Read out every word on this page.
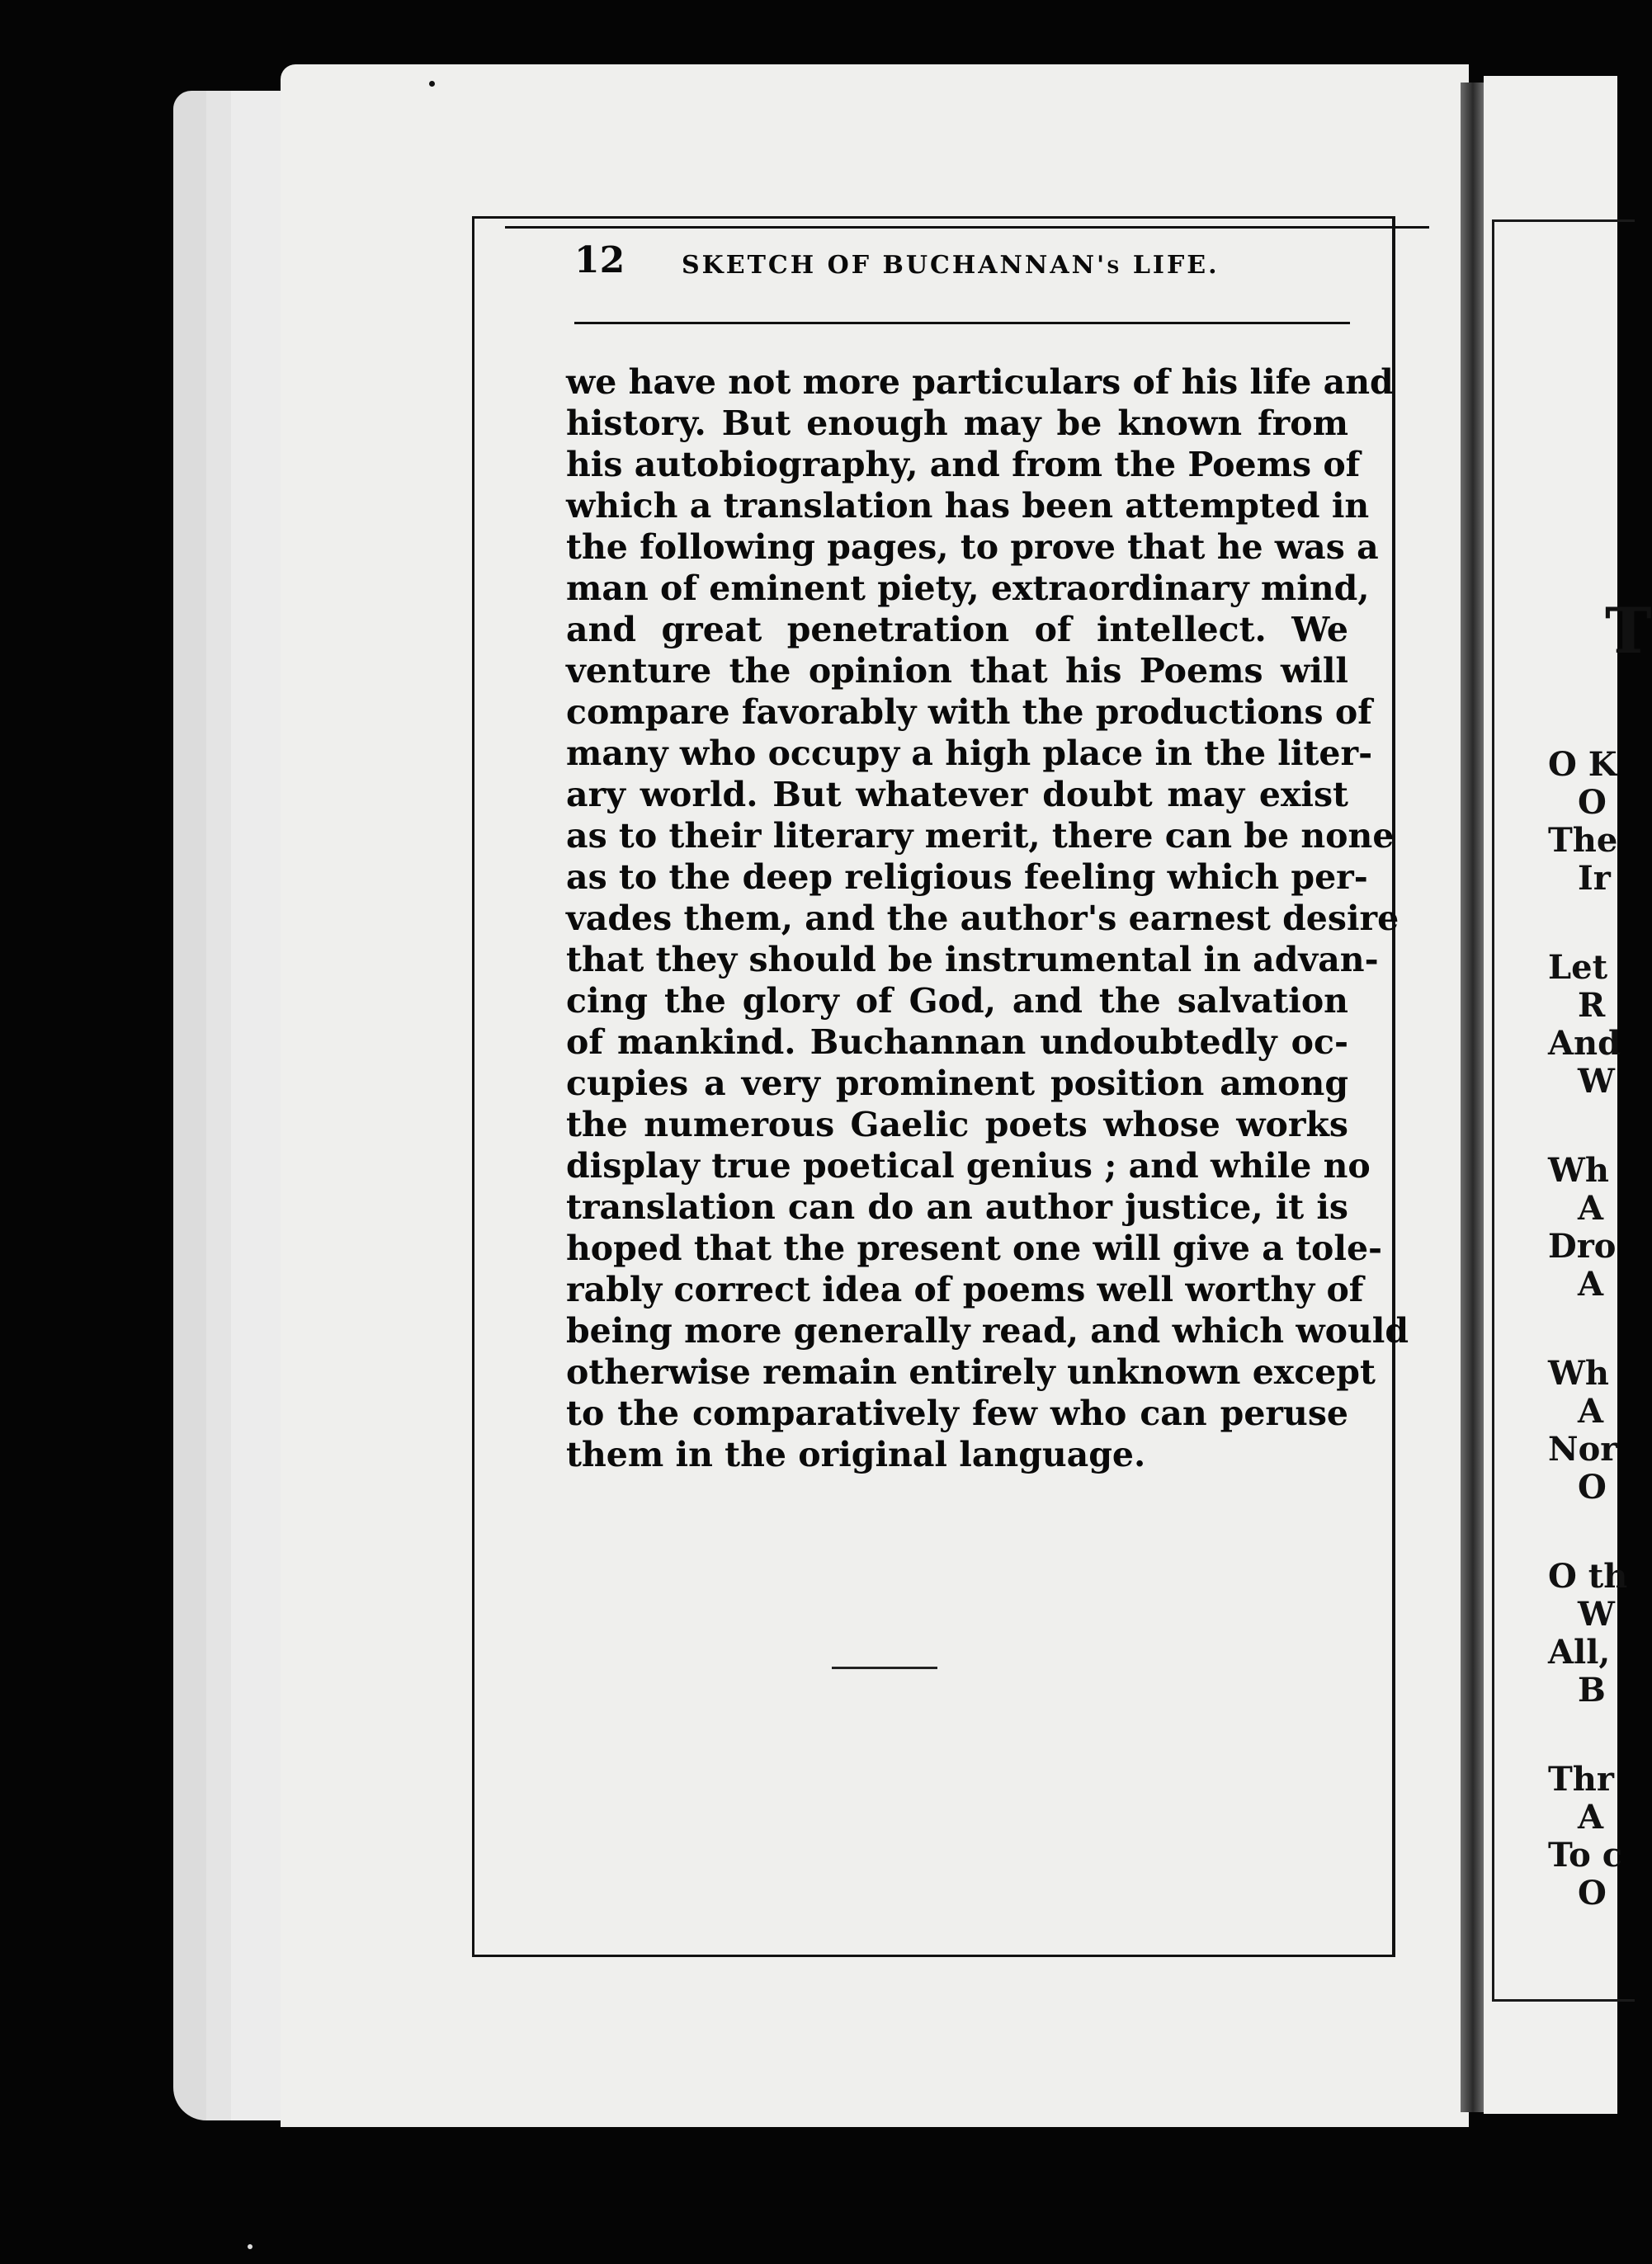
T
O K
O
The
Ir
Let
R
And
W
Wh
A
Dro
A
Wh
A
Nor
O
O th
W
All,
B
Thr
A
To c
O
12 SKETCH OF BUCHANNAN's LIFE.
we have not more particulars of his life and
history. But enough may be known from
his autobiography, and from the Poems of
which a translation has been attempted in
the following pages, to prove that he was a
man of eminent piety, extraordinary mind,
and great penetration of intellect. We
venture the opinion that his Poems will
compare favorably with the productions of
many who occupy a high place in the liter-
ary world. But whatever doubt may exist
as to their literary merit, there can be none
as to the deep religious feeling which per-
vades them, and the author's earnest desire
that they should be instrumental in advan-
cing the glory of God, and the salvation
of mankind. Buchannan undoubtedly oc-
cupies a very prominent position among
the numerous Gaelic poets whose works
display true poetical genius ; and while no
translation can do an author justice, it is
hoped that the present one will give a tole-
rably correct idea of poems well worthy of
being more generally read, and which would
otherwise remain entirely unknown except
to the comparatively few who can peruse
them in the original language.
